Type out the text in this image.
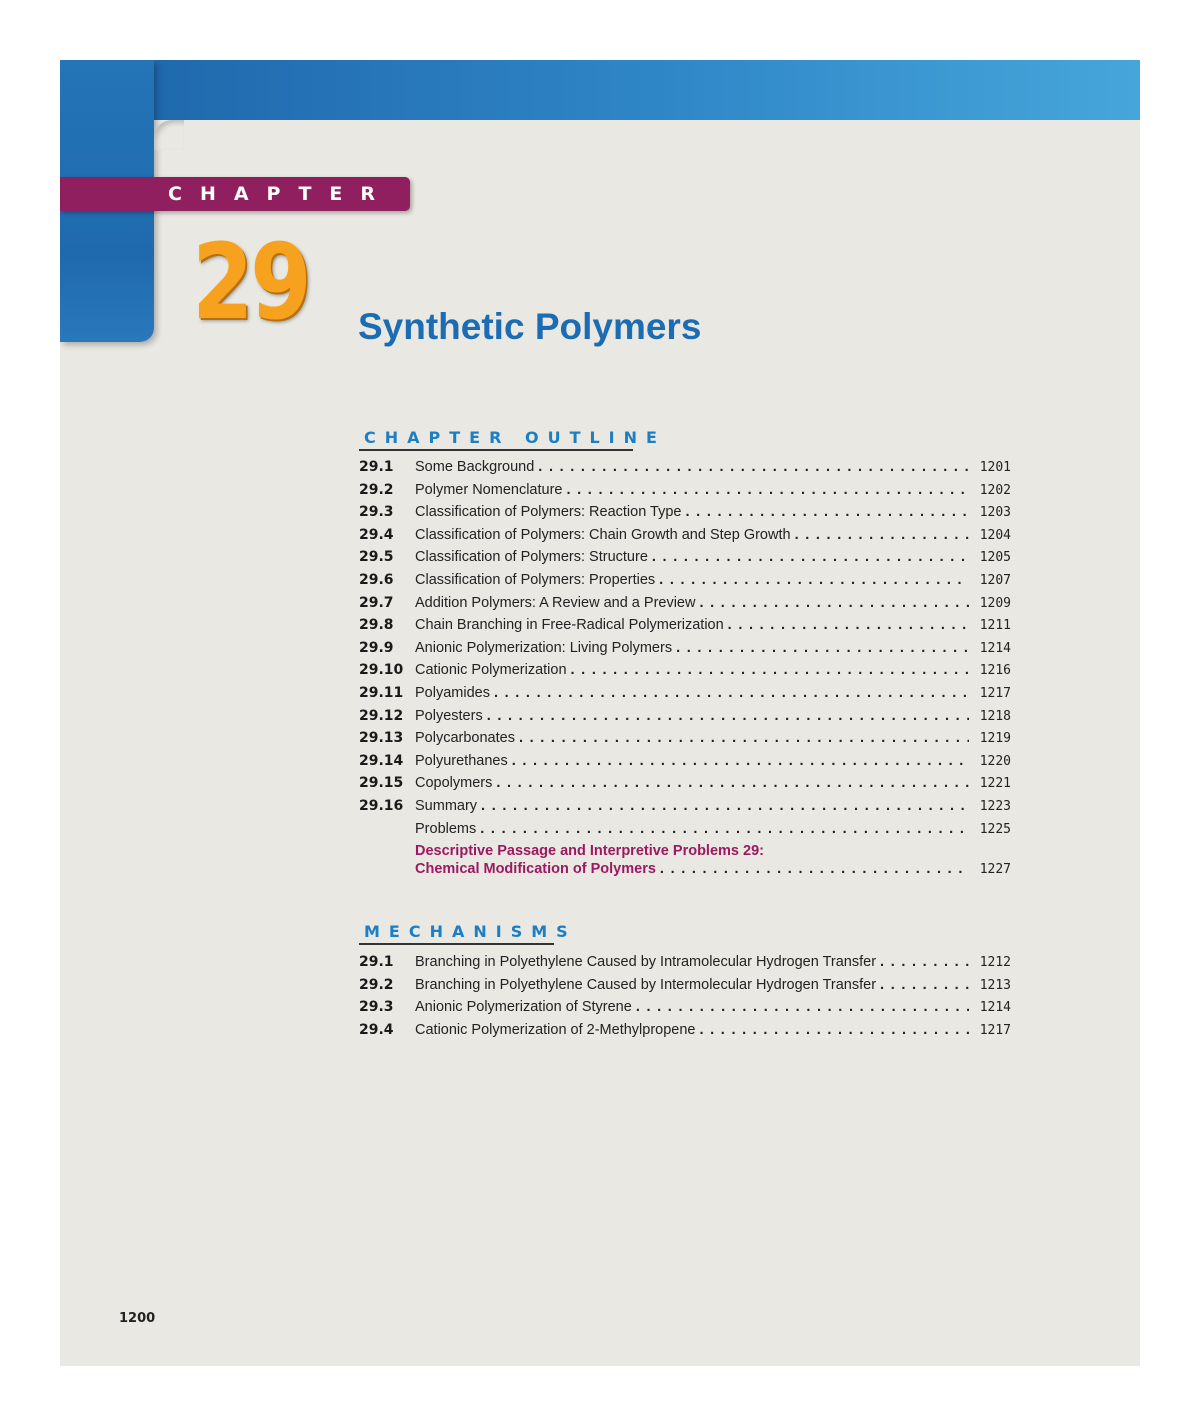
CHAPTER
29 Synthetic Polymers
CHAPTER OUTLINE
29.1	Some Background . . .	1201
29.2	Polymer Nomenclature . . .	1202
29.3	Classification of Polymers: Reaction Type . . .	1203
29.4	Classification of Polymers: Chain Growth and Step Growth . . .	1204
29.5	Classification of Polymers: Structure . . .	1205
29.6	Classification of Polymers: Properties . . .	1207
29.7	Addition Polymers: A Review and a Preview . . .	1209
29.8	Chain Branching in Free-Radical Polymerization . . .	1211
29.9	Anionic Polymerization: Living Polymers . . .	1214
29.10 Cationic Polymerization . . .	1216
29.11 Polyamides . . .	1217
29.12 Polyesters . . .	1218
29.13 Polycarbonates . . .	1219
29.14 Polyurethanes . . .	1220
29.15 Copolymers . . .	1221
29.16 Summary . . .	1223
Problems . . .	1225
Descriptive Passage and Interpretive Problems 29:
Chemical Modification of Polymers . . .	1227
MECHANISMS
29.1	Branching in Polyethylene Caused by Intramolecular Hydrogen Transfer . . .	1212
29.2	Branching in Polyethylene Caused by Intermolecular Hydrogen Transfer . . .	1213
29.3	Anionic Polymerization of Styrene . . .	1214
29.4	Cationic Polymerization of 2-Methylpropene . . .	1217
1200
